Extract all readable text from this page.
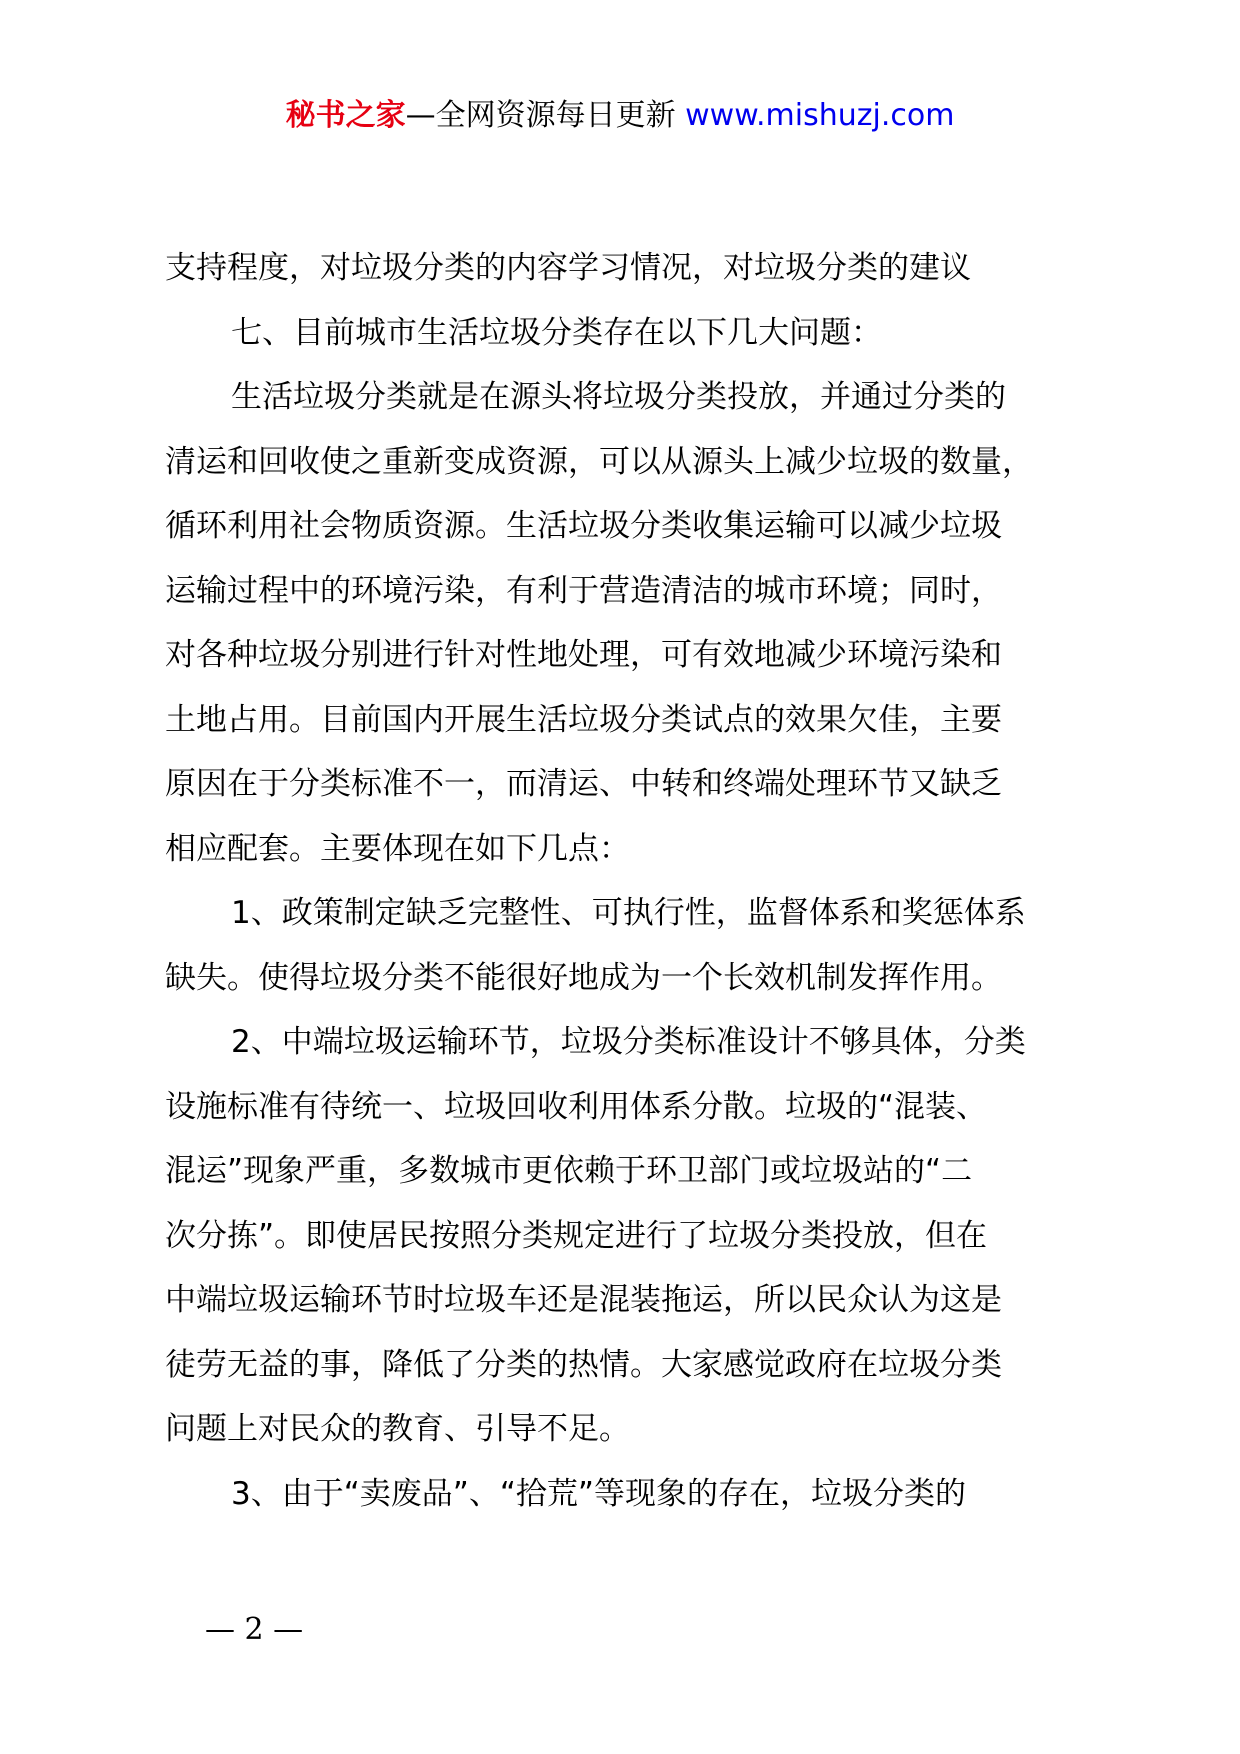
秘书之家—全网资源每日更新 www.mishuzj.com
支持程度，对垃圾分类的内容学习情况，对垃圾分类的建议
七、目前城市生活垃圾分类存在以下几大问题：
生活垃圾分类就是在源头将垃圾分类投放，并通过分类的
清运和回收使之重新变成资源，可以从源头上减少垃圾的数量，
循环利用社会物质资源。生活垃圾分类收集运输可以减少垃圾
运输过程中的环境污染，有利于营造清洁的城市环境；同时，
对各种垃圾分别进行针对性地处理，可有效地减少环境污染和
土地占用。目前国内开展生活垃圾分类试点的效果欠佳，主要
原因在于分类标准不一，而清运、中转和终端处理环节又缺乏
相应配套。主要体现在如下几点：
1、政策制定缺乏完整性、可执行性，监督体系和奖惩体系
缺失。使得垃圾分类不能很好地成为一个长效机制发挥作用。
2、中端垃圾运输环节，垃圾分类标准设计不够具体，分类
设施标准有待统一、垃圾回收利用体系分散。垃圾的“混装、
混运”现象严重，多数城市更依赖于环卫部门或垃圾站的“二
次分拣”。即使居民按照分类规定进行了垃圾分类投放，但在
中端垃圾运输环节时垃圾车还是混装拖运，所以民众认为这是
徒劳无益的事，降低了分类的热情。大家感觉政府在垃圾分类
问题上对民众的教育、引导不足。
3、由于“卖废品”、“拾荒”等现象的存在，垃圾分类的
— 2 —
